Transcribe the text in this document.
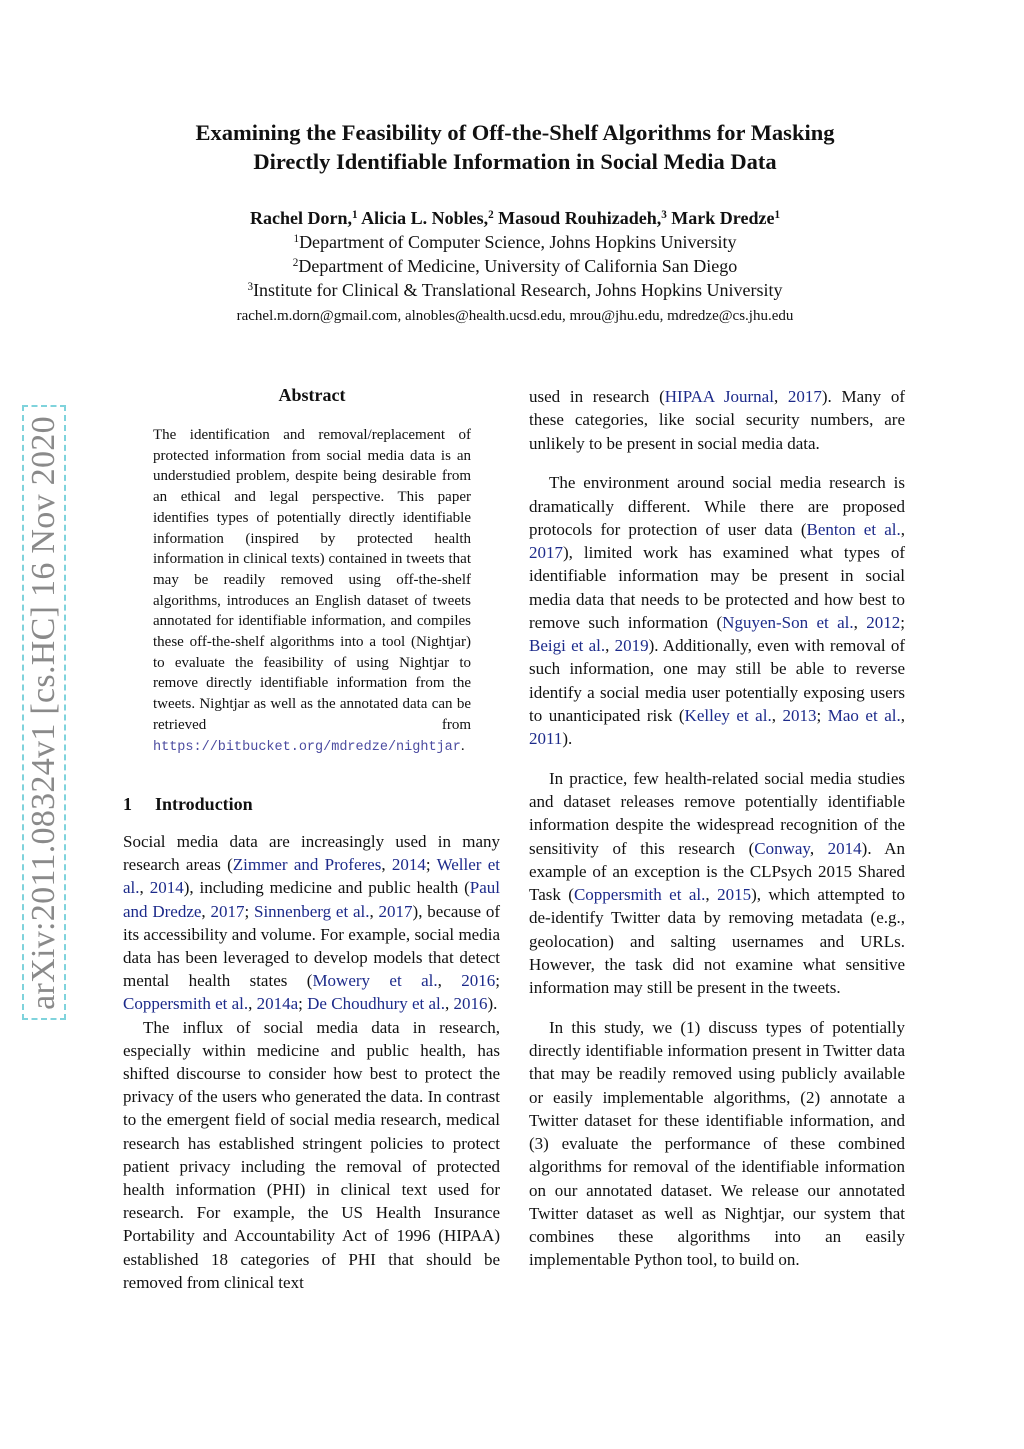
arXiv:2011.08324v1 [cs.HC] 16 Nov 2020
Examining the Feasibility of Off-the-Shelf Algorithms for Masking
Directly Identifiable Information in Social Media Data
Rachel Dorn,$^1$ Alicia L. Nobles,$^2$ Masoud Rouhizadeh,$^3$ Mark Dredze$^1$
$^1$Department of Computer Science, Johns Hopkins University
$^2$Department of Medicine, University of California San Diego
$^3$Institute for Clinical & Translational Research, Johns Hopkins University
rachel.m.dorn@gmail.com, alnobles@health.ucsd.edu, mrou@jhu.edu, mdredze@cs.jhu.edu
Abstract
The identification and removal/replacement of protected information from social media data is an understudied problem, despite being desirable from an ethical and legal perspective. This paper identifies types of potentially directly identifiable information (inspired by protected health information in clinical texts) contained in tweets that may be readily removed using off-the-shelf algorithms, introduces an English dataset of tweets annotated for identifiable information, and compiles these off-the-shelf algorithms into a tool (Nightjar) to evaluate the feasibility of using Nightjar to remove directly identifiable information from the tweets. Nightjar as well as the annotated data can be retrieved from https://bitbucket.org/mdredze/nightjar.
1 Introduction

Social media data are increasingly used in many research areas (Zimmer and Proferes, 2014; Weller et al., 2014), including medicine and public health (Paul and Dredze, 2017; Sinnenberg et al., 2017), because of its accessibility and volume. For example, social media data has been leveraged to develop models that detect mental health states (Mowery et al., 2016; Coppersmith et al., 2014a; De Choudhury et al., 2016).

The influx of social media data in research, especially within medicine and public health, has shifted discourse to consider how best to protect the privacy of the users who generated the data. In contrast to the emergent field of social media research, medical research has established stringent policies to protect patient privacy including the removal of protected health information (PHI) in clinical text used for research. For example, the US Health Insurance Portability and Accountability Act of 1996 (HIPAA) established 18 categories of PHI that should be removed from clinical text

used in research (HIPAA Journal, 2017). Many of these categories, like social security numbers, are unlikely to be present in social media data.

The environment around social media research is dramatically different. While there are proposed protocols for protection of user data (Benton et al., 2017), limited work has examined what types of identifiable information may be present in social media data that needs to be protected and how best to remove such information (Nguyen-Son et al., 2012; Beigi et al., 2019). Additionally, even with removal of such information, one may still be able to reverse identify a social media user potentially exposing users to unanticipated risk (Kelley et al., 2013; Mao et al., 2011).

In practice, few health-related social media studies and dataset releases remove potentially identifiable information despite the widespread recognition of the sensitivity of this research (Conway, 2014). An example of an exception is the CLPsych 2015 Shared Task (Coppersmith et al., 2015), which attempted to de-identify Twitter data by removing metadata (e.g., geolocation) and salting usernames and URLs. However, the task did not examine what sensitive information may still be present in the tweets.

In this study, we (1) discuss types of potentially directly identifiable information present in Twitter data that may be readily removed using publicly available or easily implementable algorithms, (2) annotate a Twitter dataset for these identifiable information, and (3) evaluate the performance of these combined algorithms for removal of the identifiable information on our annotated dataset. We release our annotated Twitter dataset as well as Nightjar, our system that combines these algorithms into an easily implementable Python tool, to build on.
